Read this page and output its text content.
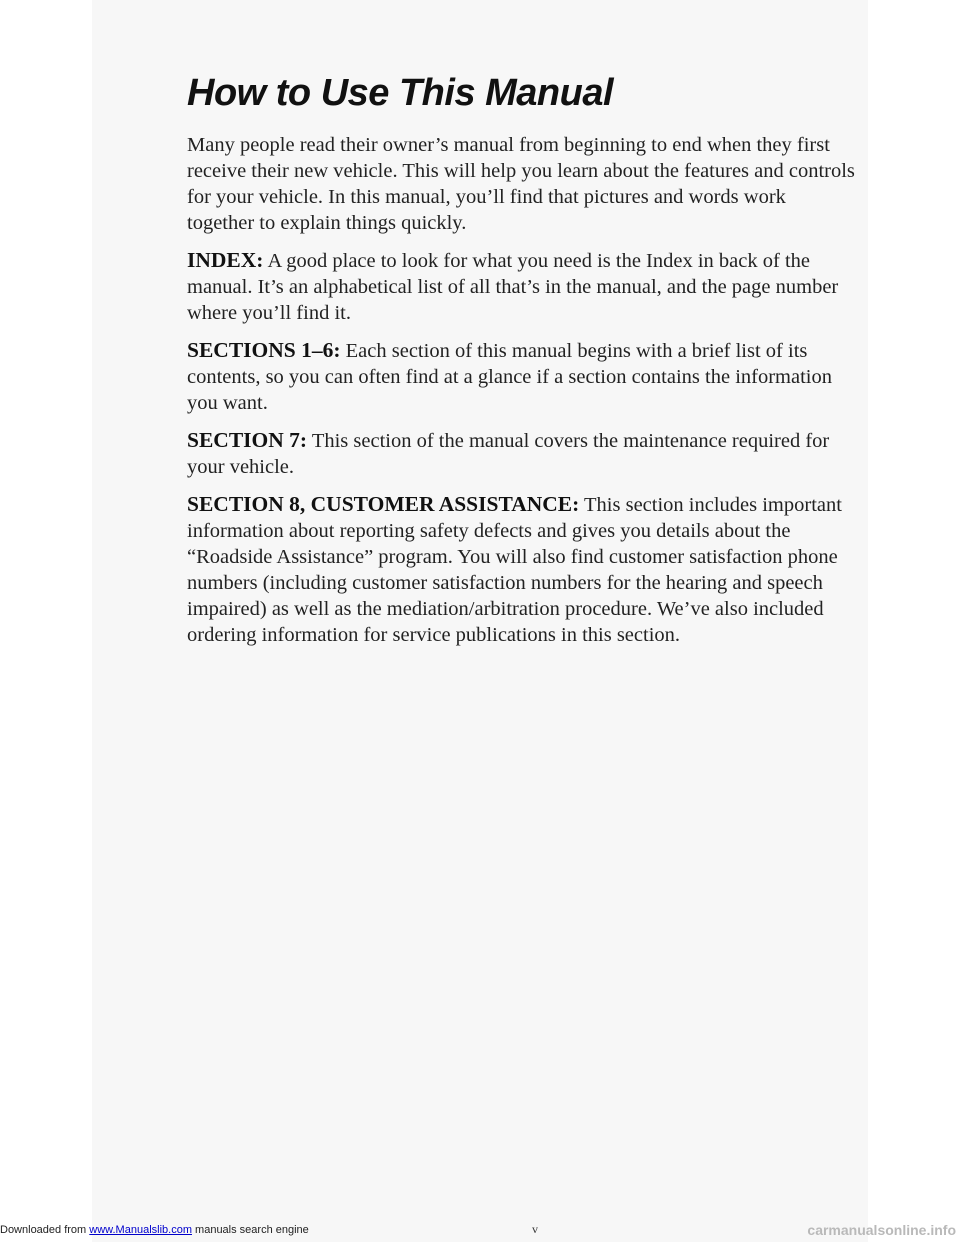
How to Use This Manual

Many people read their owner’s manual from beginning to end when they first receive their new vehicle. This will help you learn about the features and controls for your vehicle. In this manual, you’ll find that pictures and words work together to explain things quickly.

INDEX: A good place to look for what you need is the Index in back of the manual. It’s an alphabetical list of all that’s in the manual, and the page number where you’ll find it.

SECTIONS 1–6: Each section of this manual begins with a brief list of its contents, so you can often find at a glance if a section contains the information you want.

SECTION 7: This section of the manual covers the maintenance required for your vehicle.

SECTION 8, CUSTOMER ASSISTANCE: This section includes important information about reporting safety defects and gives you details about the “Roadside Assistance” program. You will also find customer satisfaction phone numbers (including customer satisfaction numbers for the hearing and speech impaired) as well as the mediation/arbitration procedure. We’ve also included ordering information for service publications in this section.

v
Downloaded from www.Manualslib.com manuals search engine	carmanualsonline.info
